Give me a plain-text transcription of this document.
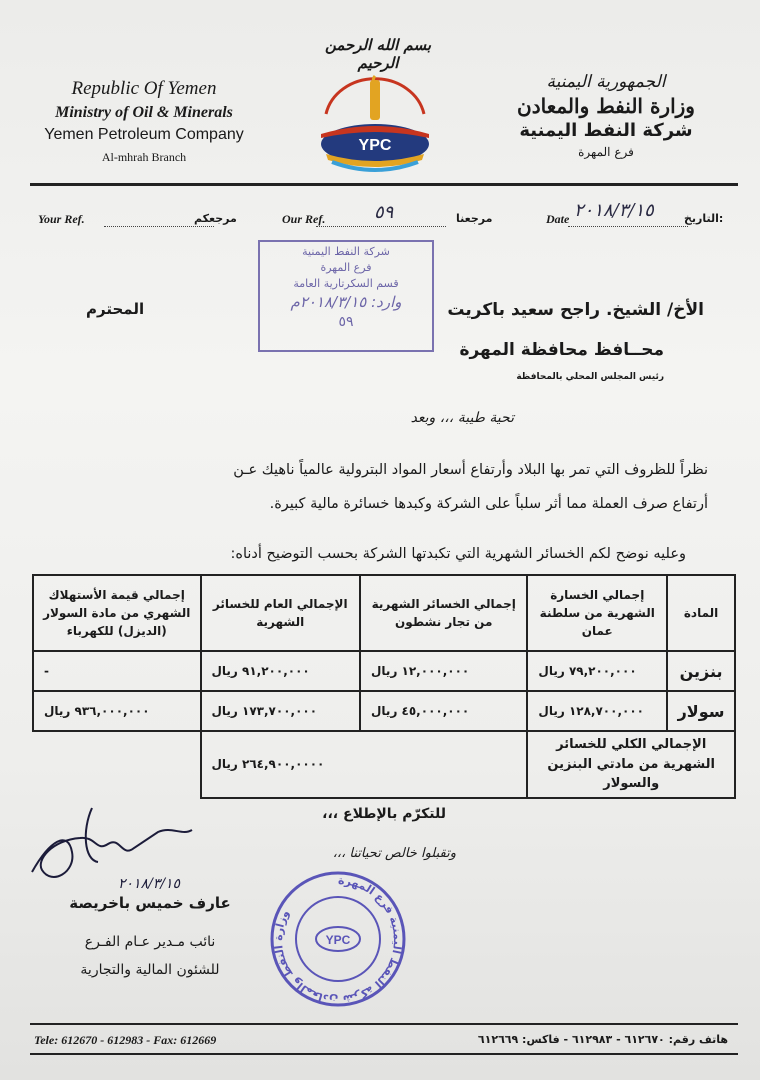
بسم الله الرحمن الرحيم
Republic Of Yemen
Ministry of Oil & Minerals
Yemen Petroleum Company
Al-mhrah Branch
YPC
الجمهورية اليمنية
وزارة النفط والمعادن
شركة النفط اليمنية
فرع المهرة
Your Ref.	مرجعكم	Our Ref.	٥٩	مرجعنا	Date ٢٠١٨/٣/١٥	التاريخ:
شركة النفط اليمنية
فرع المهرة
قسم السكرتارية العامة
وارد: ٢٠١٨/٣/١٥م
٥٩
الأخ/ الشيخ. راجح سعيد باكريت
المحترم
محــافظ محافظة المهرة
رئيس المجلس المحلي بالمحافظة
تحية طيبة ،،، وبعد
نظراً للظروف التي تمر بها البلاد وأرتفاع أسعار المواد البترولية عالمياً ناهيك عـن
أرتفاع صرف العملة مما أثر سلباً على الشركة وكبدها خسائرة مالية كبيرة.
وعليه نوضح لكم الخسائر الشهرية التي تكبدتها الشركة بحسب التوضيح أدناه:
المادة	إجمالي الخسارة الشهرية من سلطنة عمان	إجمالي الخسائر الشهرية من تجار نشطون	الإجمالي العام للخسائر الشهرية	إجمالي قيمة الأستهلاك الشهري من مادة السولار (الديزل) للكهرباء
بنزين	٧٩,٢٠٠,٠٠٠ ريال	١٢,٠٠٠,٠٠٠ ريال	٩١,٢٠٠,٠٠٠ ريال	-
سولار	١٢٨,٧٠٠,٠٠٠ ريال	٤٥,٠٠٠,٠٠٠ ريال	١٧٣,٧٠٠,٠٠٠ ريال	٩٣٦,٠٠٠,٠٠٠ ريال
الإجمالي الكلي للخسائر الشهرية من مادتي البنزين والسولار		٢٦٤,٩٠٠,٠٠٠٠ ريال		
للتكرّم بالإطلاع ،،،
وتقبلوا خالص تحياتنا ،،،
٢٠١٨/٣/١٥
عارف خميس باخريصة
نائب مـدير عـام الفـرع
للشئون المالية والتجارية
وزارة النفط والمعادن شركة النفط اليمنية فرع المهرة
YPC
Tele: 612670 - 612983 - Fax: 612669	هاتف رقم: ٦١٢٦٧٠ - ٦١٢٩٨٣ - فاكس: ٦١٢٦٦٩
